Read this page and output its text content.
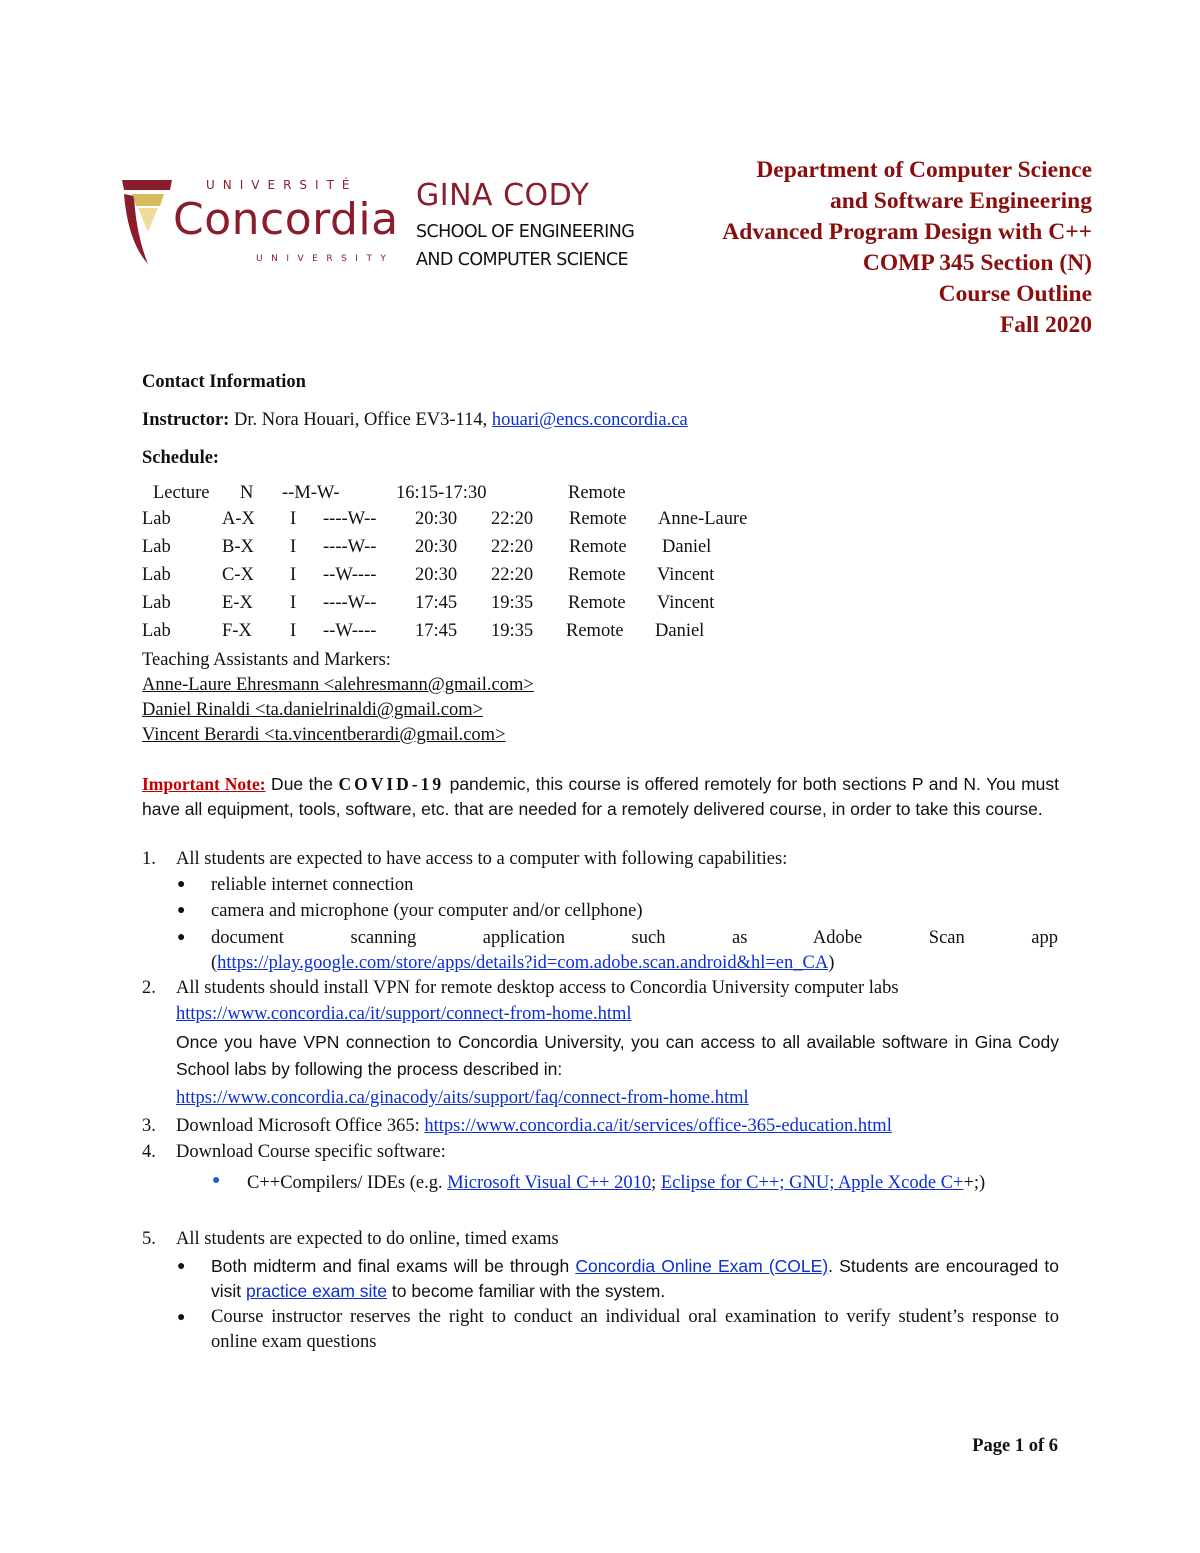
UNIVERSITÉ
Concordia
UNIVERSITY
GINA CODY
SCHOOL OF ENGINEERING
AND COMPUTER SCIENCE
Department of Computer Science
and Software Engineering
Advanced Program Design with C++
COMP 345 Section (N)
Course Outline
Fall 2020
Contact Information
Instructor: Dr. Nora Houari, Office EV3-114, houari@encs.concordia.ca
Schedule:
Lecture N --M-W-	16:15-17:30	Remote
Lab	A-X I ----W-- 20:30 22:20 Remote Anne-Laure
Lab	B-X I ----W-- 20:30 22:20 Remote Daniel
Lab	C-X I --W---- 20:30 22:20 Remote Vincent
Lab	E-X I ----W-- 17:45 19:35 Remote Vincent
Lab	F-X I --W---- 17:45 19:35 Remote Daniel
Teaching Assistants and Markers:
Anne-Laure Ehresmann <alehresmann@gmail.com>
Daniel Rinaldi <ta.danielrinaldi@gmail.com>
Vincent Berardi <ta.vincentberardi@gmail.com>
Important Note: Due the COVID-19 pandemic, this course is offered remotely for both sections P and N. You must have all equipment, tools, software, etc. that are needed for a remotely delivered course, in order to take this course.
1. All students are expected to have access to a computer with following capabilities:
● reliable internet connection
● camera and microphone (your computer and/or cellphone)
● document scanning application such as Adobe Scan app
(https://play.google.com/store/apps/details?id=com.adobe.scan.android&hl=en_CA)
2. All students should install VPN for remote desktop access to Concordia University computer labs
https://www.concordia.ca/it/support/connect-from-home.html
Once you have VPN connection to Concordia University, you can access to all available software in Gina Cody School labs by following the process described in:
https://www.concordia.ca/ginacody/aits/support/faq/connect-from-home.html
3. Download Microsoft Office 365: https://www.concordia.ca/it/services/office-365-education.html
4. Download Course specific software:
● C++Compilers/ IDEs (e.g. Microsoft Visual C++ 2010; Eclipse for C++; GNU; Apple Xcode C++;)
5. All students are expected to do online, timed exams
● Both midterm and final exams will be through Concordia Online Exam (COLE). Students are encouraged to visit practice exam site to become familiar with the system.
● Course instructor reserves the right to conduct an individual oral examination to verify student’s response to online exam questions
Page 1 of 6
